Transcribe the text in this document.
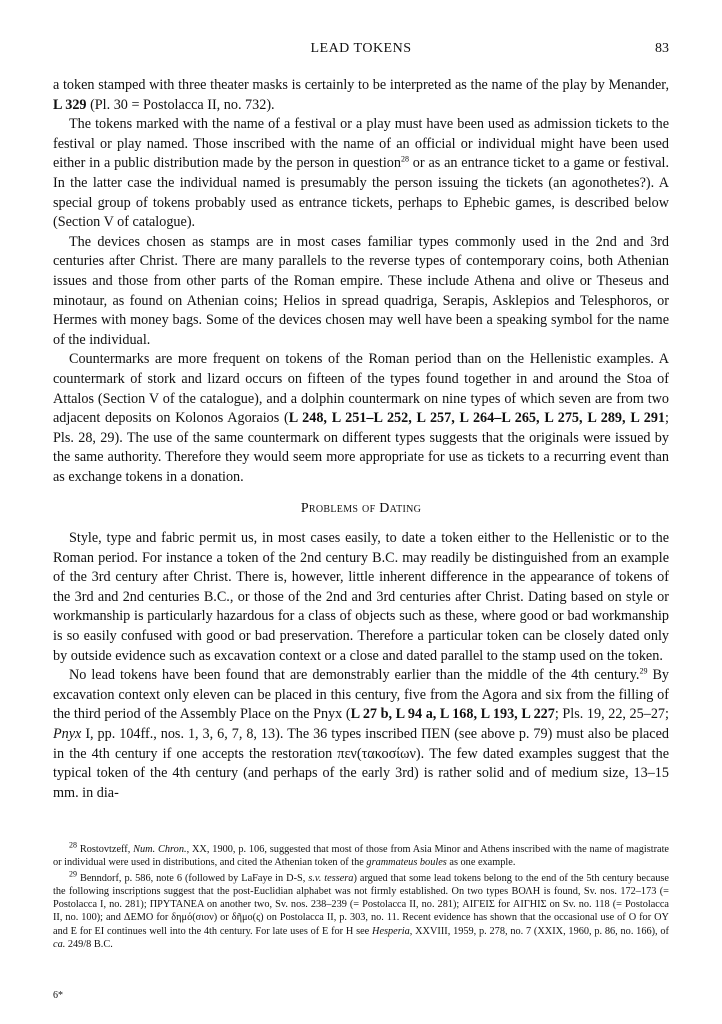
LEAD TOKENS	83

a token stamped with three theater masks is certainly to be interpreted as the name of the play by Menander, L 329 (Pl. 30 = Postolacca II, no. 732).

The tokens marked with the name of a festival or a play must have been used as admission tickets to the festival or play named. Those inscribed with the name of an official or individual might have been used either in a public distribution made by the person in question$^{28}$ or as an entrance ticket to a game or festival. In the latter case the individual named is presumably the person issuing the tickets (an agonothetes?). A special group of tokens probably used as entrance tickets, perhaps to Ephebic games, is described below (Section V of catalogue).

The devices chosen as stamps are in most cases familiar types commonly used in the 2nd and 3rd centuries after Christ. There are many parallels to the reverse types of contemporary coins, both Athenian issues and those from other parts of the Roman empire. These include Athena and olive or Theseus and minotaur, as found on Athenian coins; Helios in spread quadriga, Serapis, Asklepios and Telesphoros, or Hermes with money bags. Some of the devices chosen may well have been a speaking symbol for the name of the individual.

Countermarks are more frequent on tokens of the Roman period than on the Hellenistic examples. A countermark of stork and lizard occurs on fifteen of the types found together in and around the Stoa of Attalos (Section V of the catalogue), and a dolphin countermark on nine types of which seven are from two adjacent deposits on Kolonos Agoraios (L 248, L 251–L 252, L 257, L 264–L 265, L 275, L 289, L 291; Pls. 28, 29). The use of the same countermark on different types suggests that the originals were issued by the same authority. Therefore they would seem more appropriate for use as tickets to a recurring event than as exchange tokens in a donation.

Problems of Dating

Style, type and fabric permit us, in most cases easily, to date a token either to the Hellenistic or to the Roman period. For instance a token of the 2nd century B.C. may readily be distinguished from an example of the 3rd century after Christ. There is, however, little inherent difference in the appearance of tokens of the 3rd and 2nd centuries B.C., or those of the 2nd and 3rd centuries after Christ. Dating based on style or workmanship is particularly hazardous for a class of objects such as these, where good or bad workmanship is so easily confused with good or bad preservation. Therefore a particular token can be closely dated only by outside evidence such as excavation context or a close and dated parallel to the stamp used on the token.

No lead tokens have been found that are demonstrably earlier than the middle of the 4th century.$^{29}$ By excavation context only eleven can be placed in this century, five from the Agora and six from the filling of the third period of the Assembly Place on the Pnyx (L 27 b, L 94 a, L 168, L 193, L 227; Pls. 19, 22, 25–27; Pnyx I, pp. 104ff., nos. 1, 3, 6, 7, 8, 13). The 36 types inscribed ΠΕΝ (see above p. 79) must also be placed in the 4th century if one accepts the restoration πεν(τακοσίων). The few dated examples suggest that the typical token of the 4th century (and perhaps of the early 3rd) is rather solid and of medium size, 13–15 mm. in dia-

$^{28}$ Rostovtzeff, Num. Chron., XX, 1900, p. 106, suggested that most of those from Asia Minor and Athens inscribed with the name of magistrate or individual were used in distributions, and cited the Athenian token of the grammateus boules as one example.

$^{29}$ Benndorf, p. 586, note 6 (followed by LaFaye in D-S, s.v. tessera) argued that some lead tokens belong to the end of the 5th century because the following inscriptions suggest that the post-Euclidian alphabet was not firmly established. On two types ΒΟΛΗ is found, Sv. nos. 172–173 (= Postolacca I, no. 281); ΠΡΥΤΑΝΕΑ on another two, Sv. nos. 238–239 (= Postolacca II, no. 281); ΑΙΓΕΙΣ for ΑΙΓΗΙΣ on Sv. no. 118 (= Postolacca II, no. 100); and ΔΕΜΟ for δημό(σιον) or δῆμο(ς) on Postolacca II, p. 303, no. 11. Recent evidence has shown that the occasional use of O for OY and E for EI continues well into the 4th century. For late uses of E for H see Hesperia, XXVIII, 1959, p. 278, no. 7 (XXIX, 1960, p. 86, no. 166), of ca. 249/8 B.C.

6*
